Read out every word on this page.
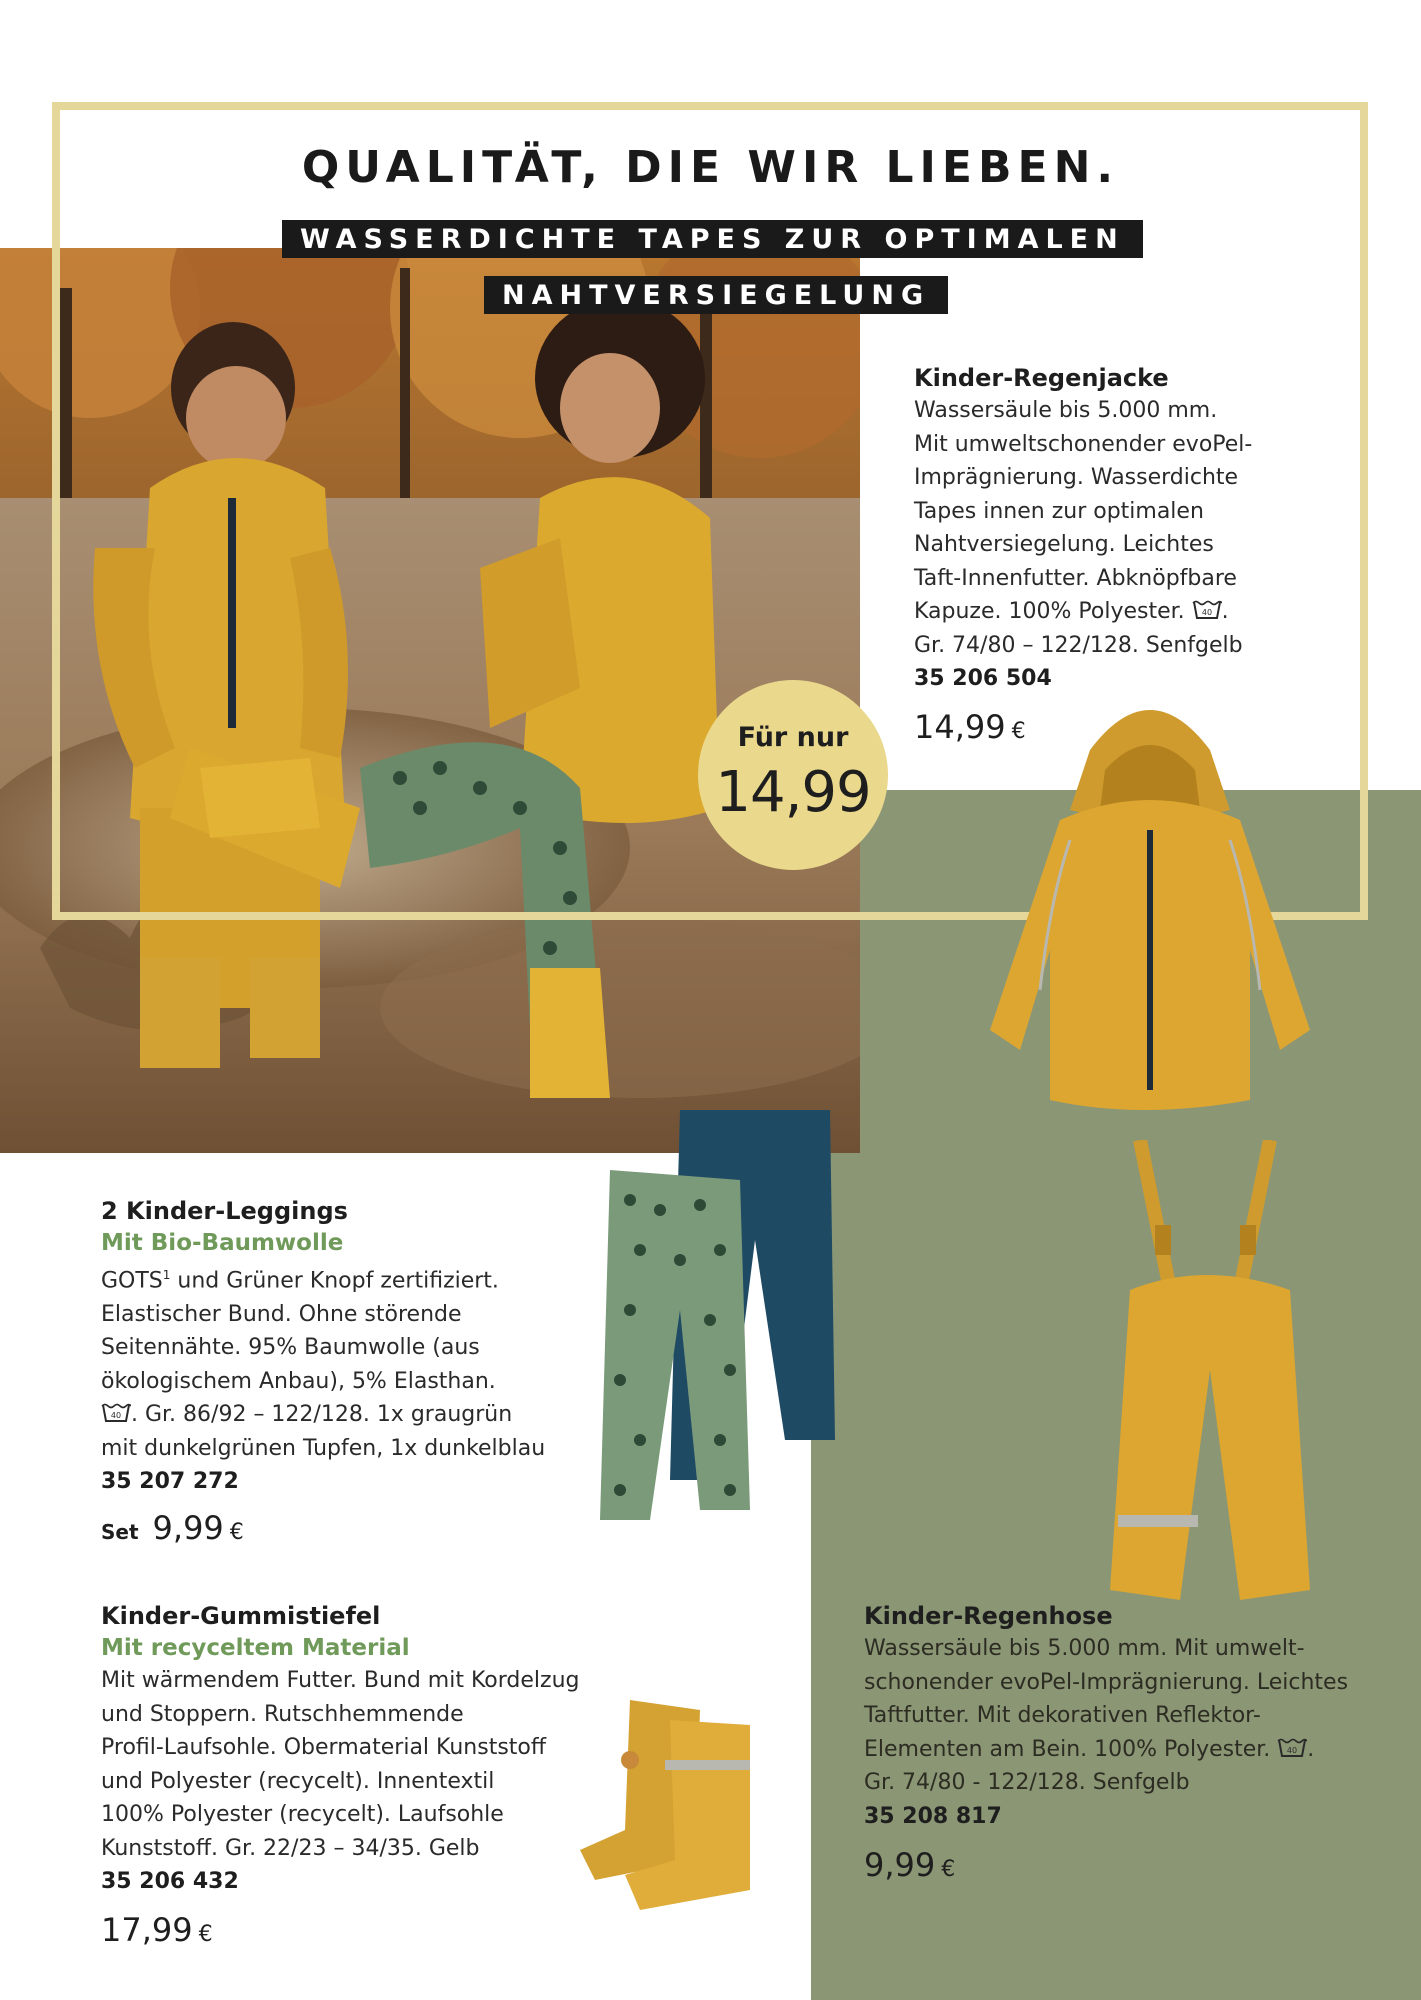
QUALITÄT, DIE WIR LIEBEN.
WASSERDICHTE TAPES ZUR OPTIMALEN
NAHTVERSIEGELUNG
Für nur
14,99
Kinder-Regenjacke
Wassersäule bis 5.000 mm.
Mit umweltschonender evoPel-
Imprägnierung. Wasserdichte
Tapes innen zur optimalen
Nahtversiegelung. Leichtes
Taft-Innenfutter. Abknöpfbare
Kapuze. 100% Polyester. 40 .
Gr. 74/80 – 122/128. Senfgelb
35 206 504
14,99 €
2 Kinder-Leggings
Mit Bio-Baumwolle
GOTS$^1$ und Grüner Knopf zertifiziert.
Elastischer Bund. Ohne störende
Seitennähte. 95% Baumwolle (aus
ökologischem Anbau), 5% Elasthan.
40 . Gr. 86/92 – 122/128. 1x graugrün
mit dunkelgrünen Tupfen, 1x dunkelblau
35 207 272
Set 9,99 €
Kinder-Gummistiefel
Mit recyceltem Material
Mit wärmendem Futter. Bund mit Kordelzug
und Stoppern. Rutschhemmende
Profil-Laufsohle. Obermaterial Kunststoff
und Polyester (recycelt). Innentextil
100% Polyester (recycelt). Laufsohle
Kunststoff. Gr. 22/23 – 34/35. Gelb
35 206 432
17,99 €
Kinder-Regenhose
Wassersäule bis 5.000 mm. Mit umwelt-
schonender evoPel-Imprägnierung. Leichtes
Taftfutter. Mit dekorativen Reflektor-
Elementen am Bein. 100% Polyester. 40 .
Gr. 74/80 - 122/128. Senfgelb
35 208 817
9,99 €
